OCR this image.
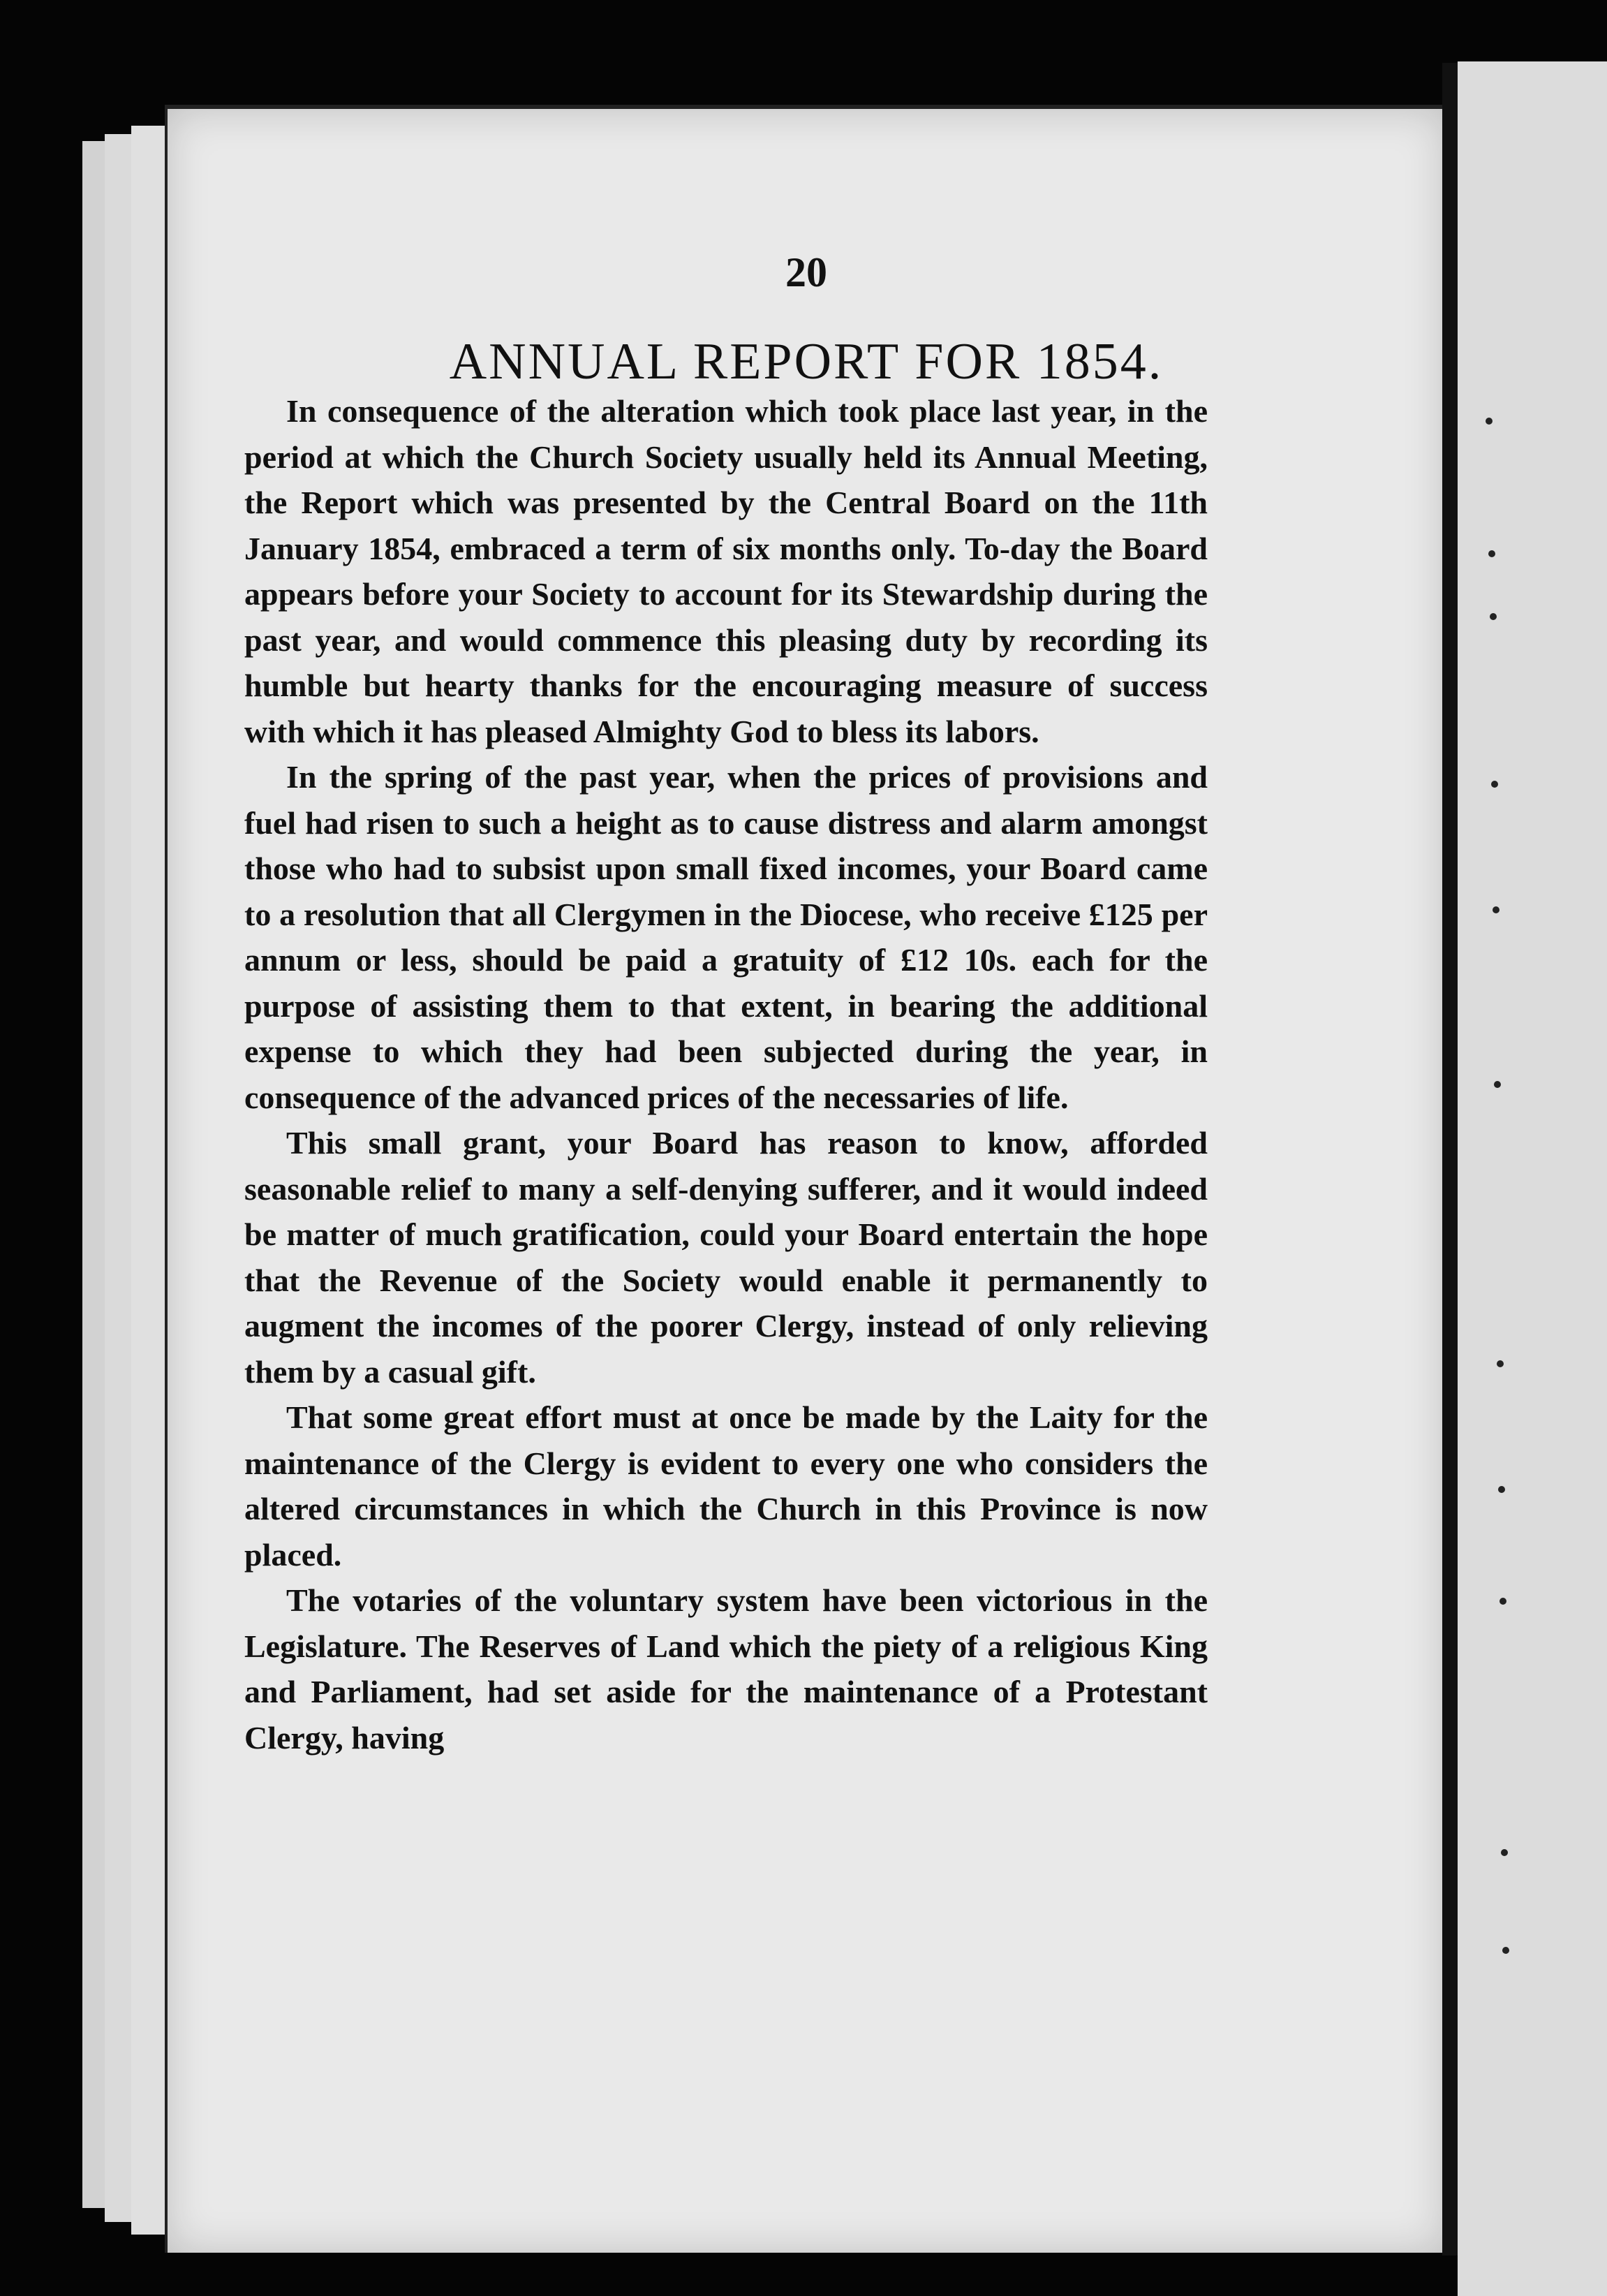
20
ANNUAL REPORT FOR 1854.

In consequence of the alteration which took place last year, in the period at which the Church Society usually held its Annual Meeting, the Report which was presented by the Central Board on the 11th January 1854, embraced a term of six months only. To-day the Board appears before your Society to account for its Stewardship during the past year, and would commence this pleasing duty by recording its humble but hearty thanks for the encouraging measure of success with which it has pleased Almighty God to bless its labors.

In the spring of the past year, when the prices of provisions and fuel had risen to such a height as to cause distress and alarm amongst those who had to subsist upon small fixed incomes, your Board came to a resolution that all Clergymen in the Diocese, who receive £125 per annum or less, should be paid a gratuity of £12 10s. each for the purpose of assisting them to that extent, in bearing the additional expense to which they had been subjected during the year, in consequence of the advanced prices of the necessaries of life.

This small grant, your Board has reason to know, afforded seasonable relief to many a self-denying sufferer, and it would indeed be matter of much gratification, could your Board entertain the hope that the Revenue of the Society would enable it permanently to augment the incomes of the poorer Clergy, instead of only relieving them by a casual gift.

That some great effort must at once be made by the Laity for the maintenance of the Clergy is evident to every one who considers the altered circumstances in which the Church in this Province is now placed.

The votaries of the voluntary system have been victorious in the Legislature. The Reserves of Land which the piety of a religious King and Parliament, had set aside for the maintenance of a Protestant Clergy, having
